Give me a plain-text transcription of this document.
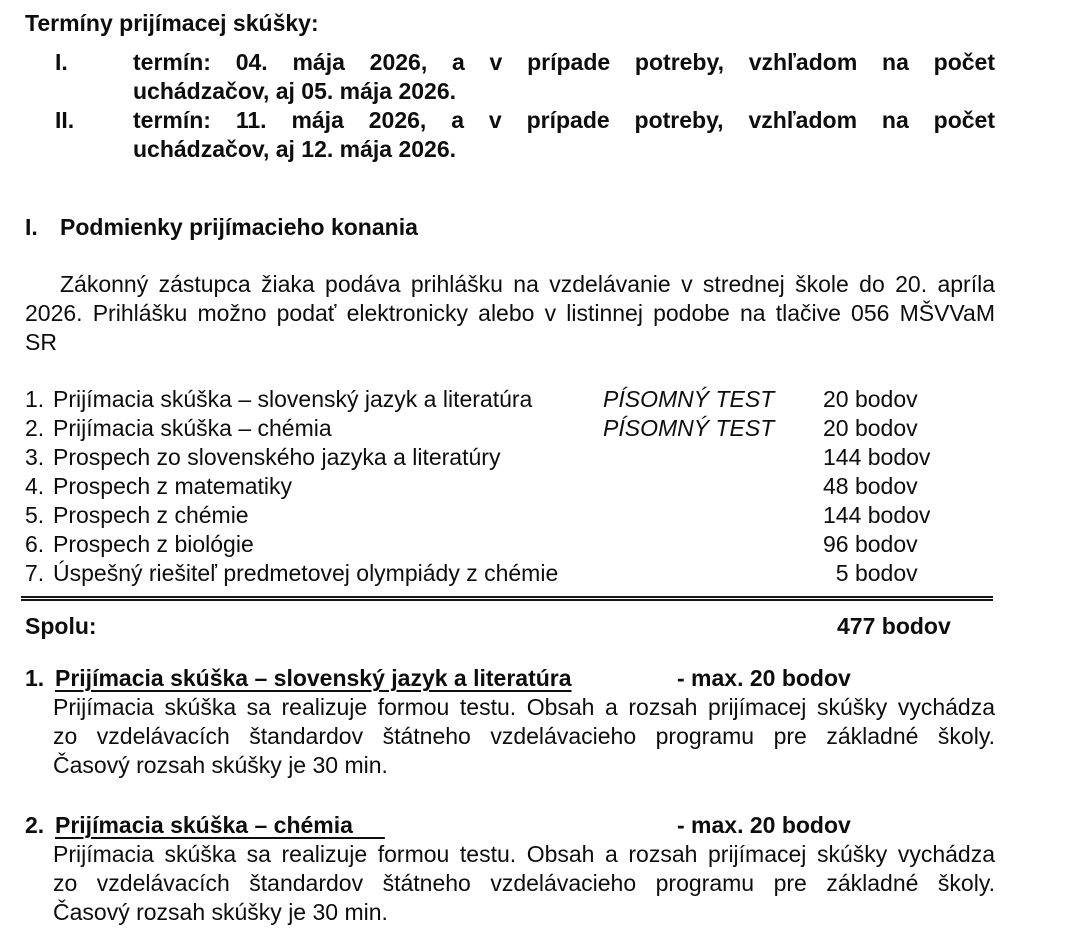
Termíny prijímacej skúšky:
I.	termín: 04. mája 2026, a v prípade potreby, vzhľadom na počet
uchádzačov, aj 05. mája 2026.
II.	termín: 11. mája 2026, a v prípade potreby, vzhľadom na počet
uchádzačov, aj 12. mája 2026.
I. Podmienky prijímacieho konania
Zákonný zástupca žiaka podáva prihlášku na vzdelávanie v strednej škole do 20. apríla
2026. Prihlášku možno podať elektronicky alebo v listinnej podobe na tlačive 056 MŠVVaM
SR
1. Prijímacia skúška – slovenský jazyk a literatúra	PÍSOMNÝ TEST 20 bodov
2. Prijímacia skúška – chémia	PÍSOMNÝ TEST 20 bodov
3. Prospech zo slovenského jazyka a literatúry	144 bodov
4. Prospech z matematiky	48 bodov
5. Prospech z chémie	144 bodov
6. Prospech z biológie	96 bodov
7. Úspešný riešiteľ predmetovej olympiády z chémie	5 bodov
Spolu:	477 bodov
1. Prijímacia skúška – slovenský jazyk a literatúra	- max. 20 bodov
Prijímacia skúška sa realizuje formou testu. Obsah a rozsah prijímacej skúšky vychádza
zo vzdelávacích štandardov štátneho vzdelávacieho programu pre základné školy.
Časový rozsah skúšky je 30 min.
2. Prijímacia skúška – chémia	- max. 20 bodov
Prijímacia skúška sa realizuje formou testu. Obsah a rozsah prijímacej skúšky vychádza
zo vzdelávacích štandardov štátneho vzdelávacieho programu pre základné školy.
Časový rozsah skúšky je 30 min.
